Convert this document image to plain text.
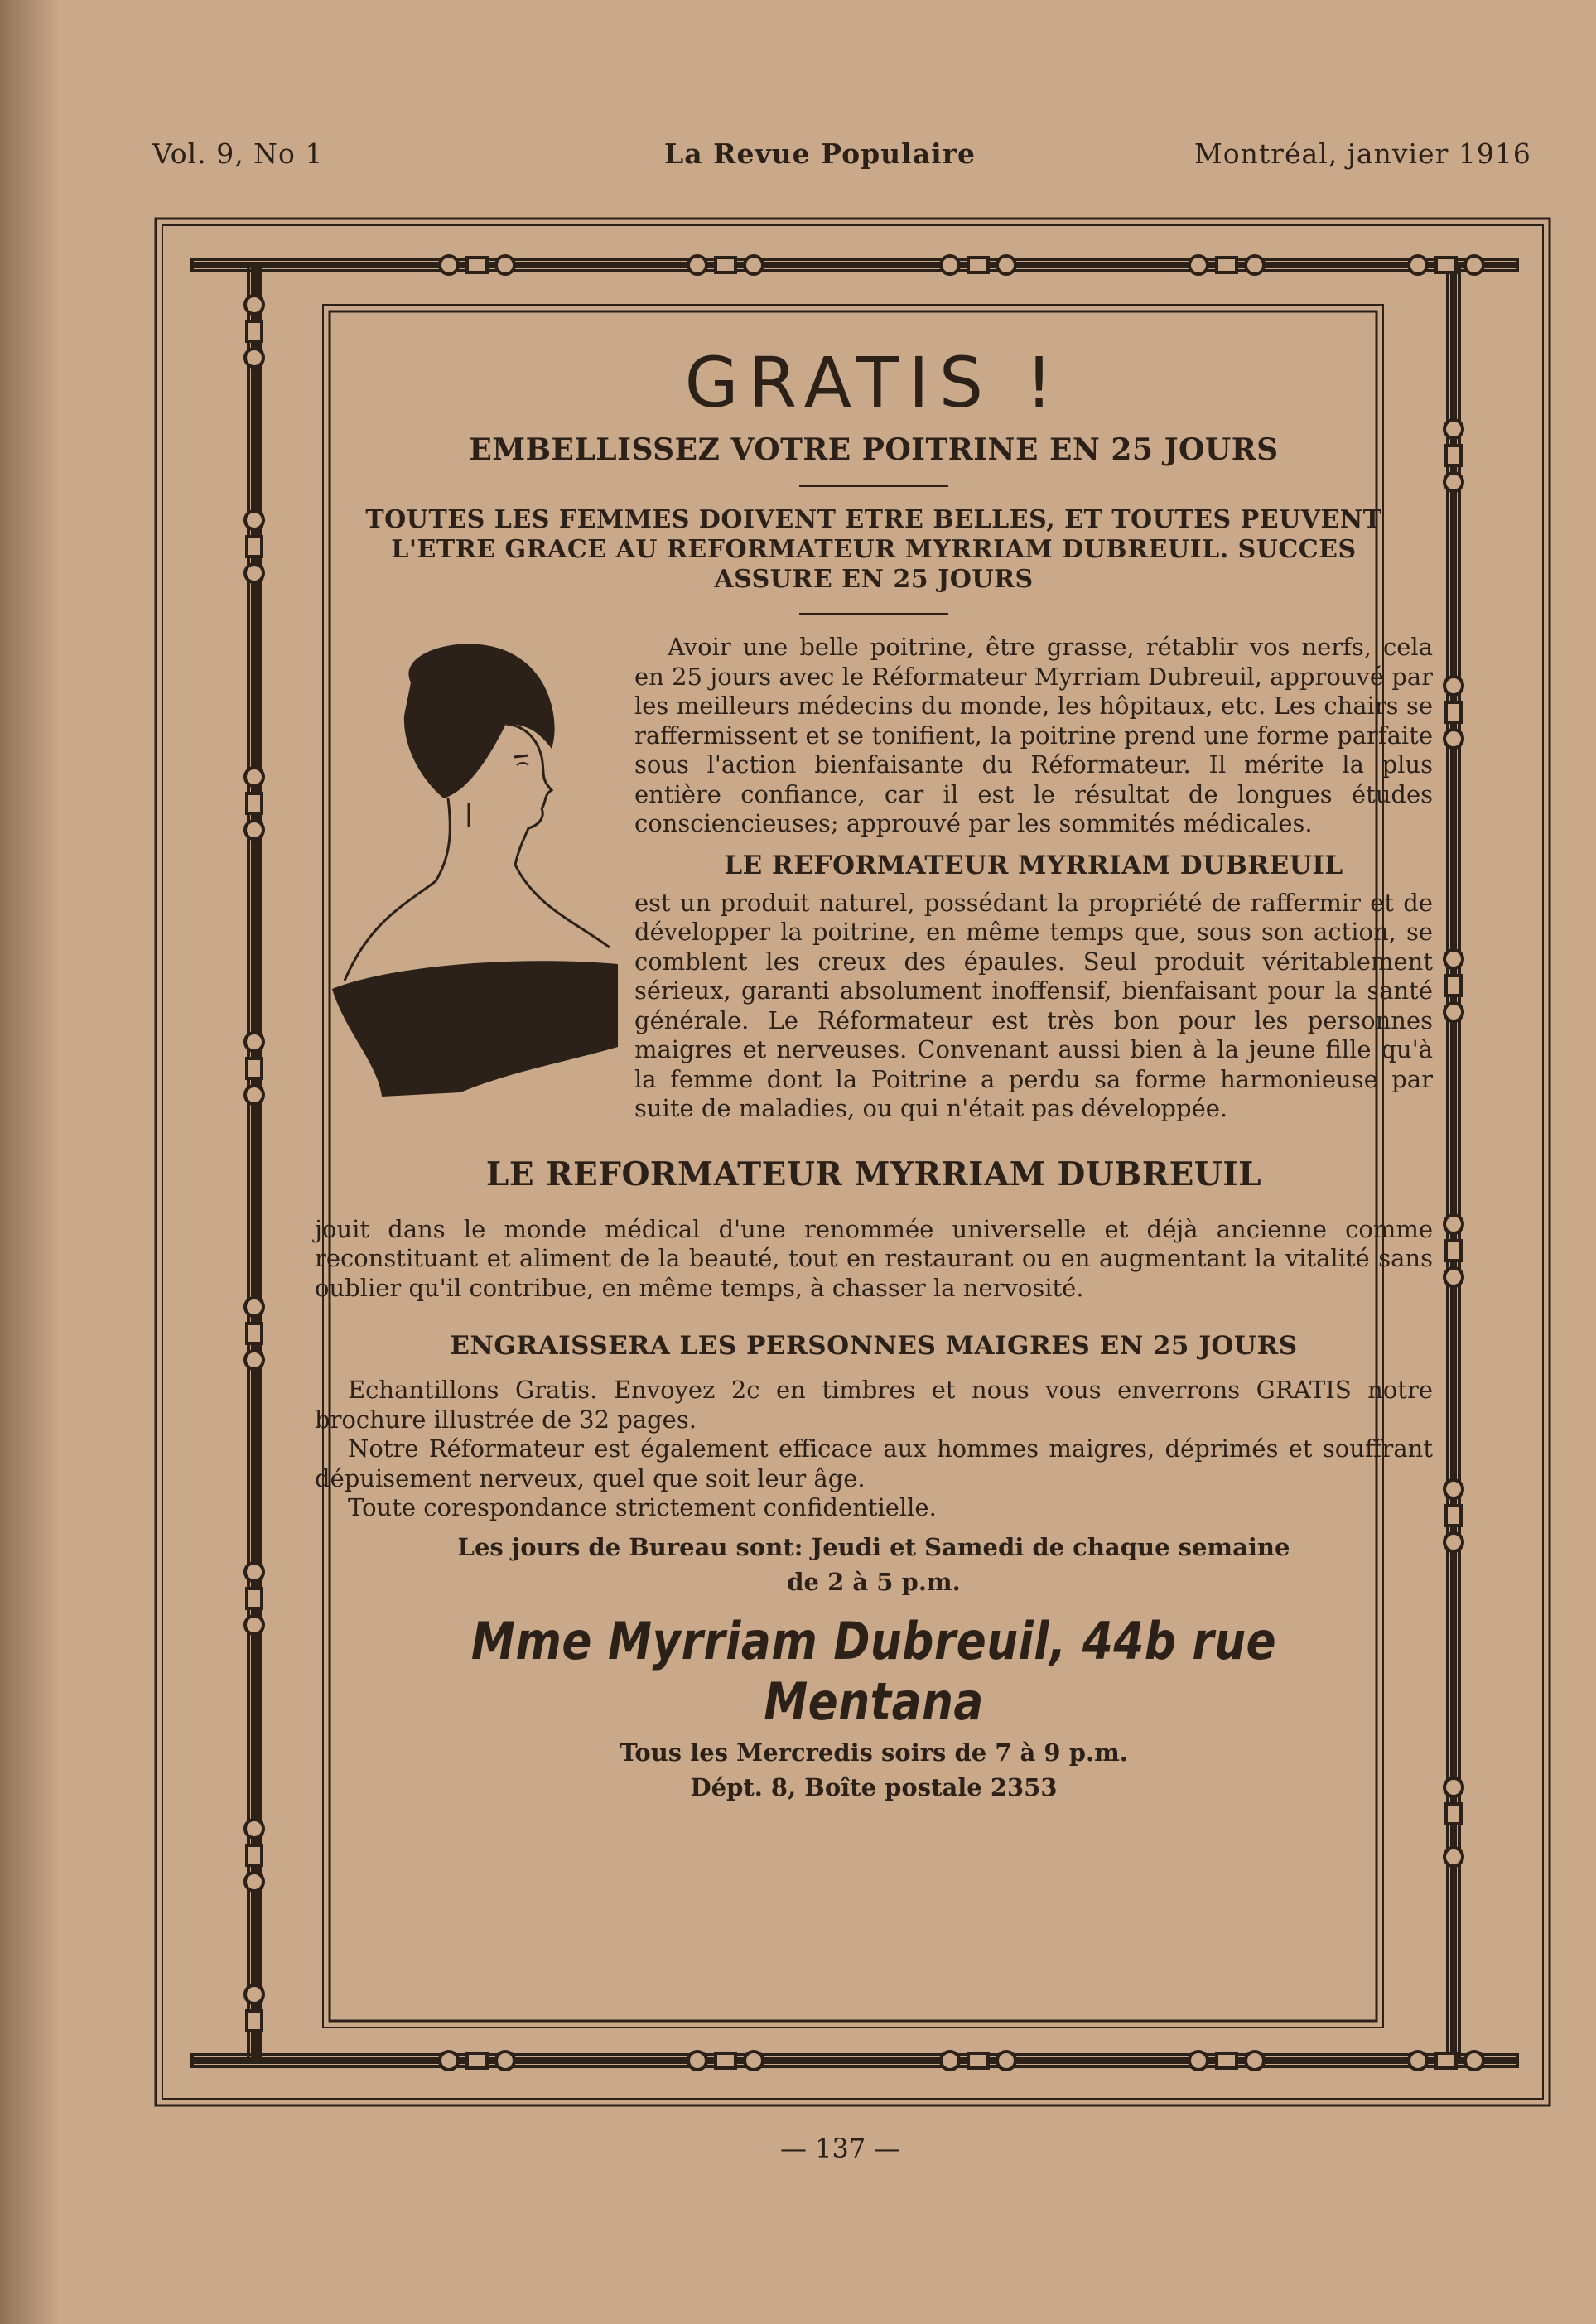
Vol. 9, No 1	La Revue Populaire	Montréal, janvier 1916
GRATIS !
EMBELLISSEZ VOTRE POITRINE EN 25 JOURS
TOUTES LES FEMMES DOIVENT ETRE BELLES, ET TOUTES PEUVENT L'ETRE GRACE AU REFORMATEUR MYRRIAM DUBREUIL. SUCCES ASSURE EN 25 JOURS

Avoir une belle poitrine, être grasse, rétablir vos nerfs, cela en 25 jours avec le Réformateur Myrriam Dubreuil, approuvé par les meilleurs médecins du monde, les hôpitaux, etc. Les chairs se raffermissent et se tonifient, la poitrine prend une forme parfaite sous l'action bienfaisante du Réformateur. Il mérite la plus entière confiance, car il est le résultat de longues études consciencieuses; approuvé par les sommités médicales.

LE REFORMATEUR MYRRIAM DUBREUIL

est un produit naturel, possédant la propriété de raffermir et de développer la poitrine, en même temps que, sous son action, se comblent les creux des épaules. Seul produit véritablement sérieux, garanti absolument inoffensif, bienfaisant pour la santé générale. Le Réformateur est très bon pour les personnes maigres et nerveuses. Convenant aussi bien à la jeune fille qu'à la femme dont la Poitrine a perdu sa forme harmonieuse par suite de maladies, ou qui n'était pas développée.

LE REFORMATEUR MYRRIAM DUBREUIL

jouit dans le monde médical d'une renommée universelle et déjà ancienne comme reconstituant et aliment de la beauté, tout en restaurant ou en augmentant la vitalité sans oublier qu'il contribue, en même temps, à chasser la nervosité.

ENGRAISSERA LES PERSONNES MAIGRES EN 25 JOURS

Echantillons Gratis. Envoyez 2c en timbres et nous vous enverrons GRATIS notre brochure illustrée de 32 pages.

Notre Réformateur est également efficace aux hommes maigres, déprimés et souffrant dépuisement nerveux, quel que soit leur âge.

Toute corespondance strictement confidentielle.

Les jours de Bureau sont: Jeudi et Samedi de chaque semaine
de 2 à 5 p.m.
Mme Myrriam Dubreuil, 44b rue Mentana
Tous les Mercredis soirs de 7 à 9 p.m.
Dépt. 8, Boîte postale 2353
— 137 —
